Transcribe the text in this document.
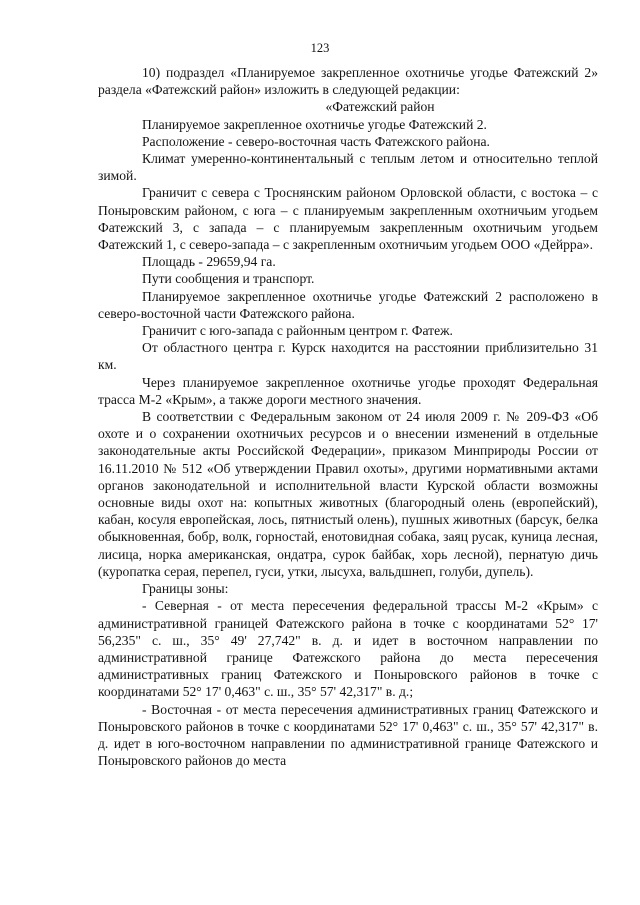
123

10) подраздел «Планируемое закрепленное охотничье угодье Фатежский 2» раздела «Фатежский район» изложить в следующей редакции:

«Фатежский район

Планируемое закрепленное охотничье угодье Фатежский 2.

Расположение - северо-восточная часть Фатежского района.

Климат умеренно-континентальный с теплым летом и относительно теплой зимой.

Граничит с севера с Троснянским районом Орловской области, с востока – с Поныровским районом, с юга – с планируемым закрепленным охотничьим угодьем Фатежский 3, с запада – с планируемым закрепленным охотничьим угодьем Фатежский 1, с северо-запада – с закрепленным охотничьим угодьем ООО «Дейрра».

Площадь - 29659,94 га.

Пути сообщения и транспорт.

Планируемое закрепленное охотничье угодье Фатежский 2 расположено в северо-восточной части Фатежского района.

Граничит с юго-запада с районным центром г. Фатеж.

От областного центра г. Курск находится на расстоянии приблизительно 31 км.

Через планируемое закрепленное охотничье угодье проходят Федеральная трасса М-2 «Крым», а также дороги местного значения.

В соответствии с Федеральным законом от 24 июля 2009 г. № 209-ФЗ «Об охоте и о сохранении охотничьих ресурсов и о внесении изменений в отдельные законодательные акты Российской Федерации», приказом Минприроды России от 16.11.2010 № 512 «Об утверждении Правил охоты», другими нормативными актами органов законодательной и исполнительной власти Курской области возможны основные виды охот на: копытных животных (благородный олень (европейский), кабан, косуля европейская, лось, пятнистый олень), пушных животных (барсук, белка обыкновенная, бобр, волк, горностай, енотовидная собака, заяц русак, куница лесная, лисица, норка американская, ондатра, сурок байбак, хорь лесной), пернатую дичь (куропатка серая, перепел, гуси, утки, лысуха, вальдшнеп, голуби, дупель).

Границы зоны:

- Северная - от места пересечения федеральной трассы М-2 «Крым» с административной границей Фатежского района в точке с координатами 52° 17' 56,235" с. ш., 35° 49' 27,742" в. д. и идет в восточном направлении по административной границе Фатежского района до места пересечения административных границ Фатежского и Поныровского районов в точке с координатами 52° 17' 0,463" с. ш., 35° 57' 42,317" в. д.;

- Восточная - от места пересечения административных границ Фатежского и Поныровского районов в точке с координатами 52° 17' 0,463" с. ш., 35° 57' 42,317" в. д. идет в юго-восточном направлении по административной границе Фатежского и Поныровского районов до места
